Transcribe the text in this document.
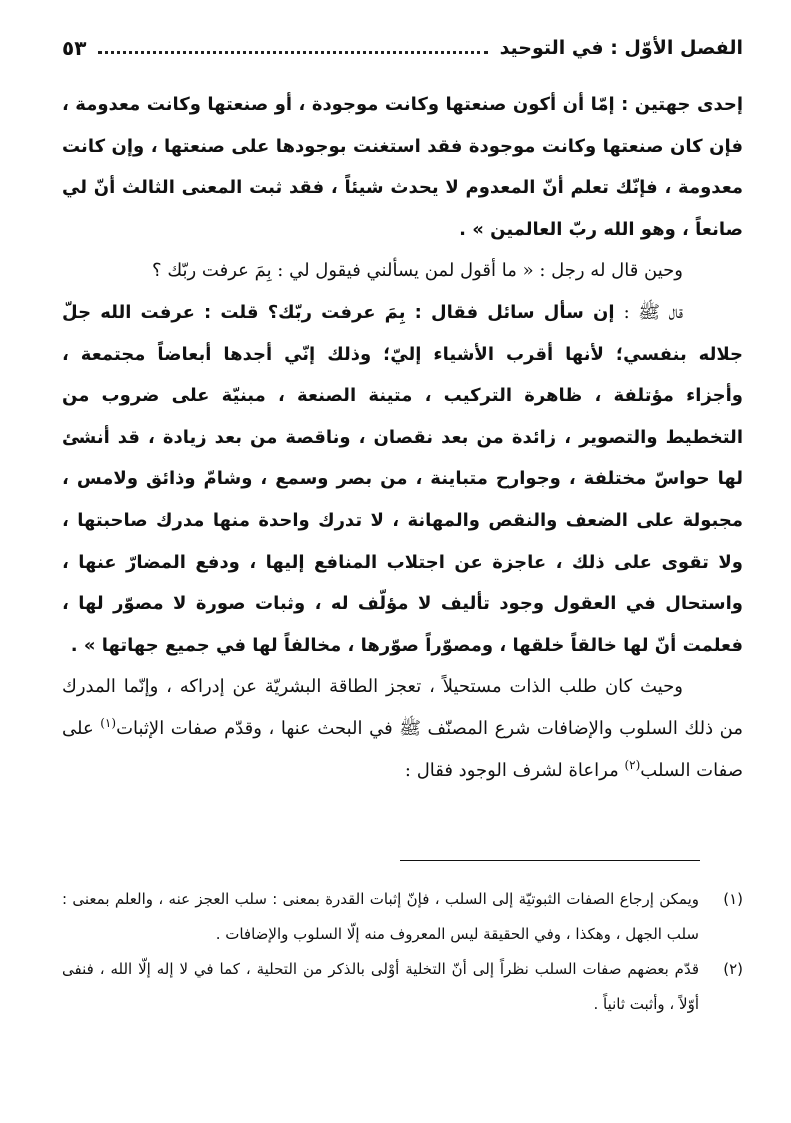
الفصل الأوّل : في التوحيد
٥٣

إحدى جهتين : إمّا أن أكون صنعتها وكانت موجودة ، أو صنعتها وكانت معدومة ، فإن كان صنعتها وكانت موجودة فقد استغنت بوجودها على صنعتها ، وإن كانت معدومة ، فإنّك تعلم أنّ المعدوم لا يحدث شيئاً ، فقد ثبت المعنى الثالث أنّ لي صانعاً ، وهو الله ربّ العالمين » .

وحين قال له رجل : « ما أقول لمن يسألني فيقول لي : بِمَ عرفت ربّك ؟

قال ﷺ : إن سأل سائل فقال : بِمَ عرفت ربّك؟ قلت : عرفت الله جلّ جلاله بنفسي؛ لأنها أقرب الأشياء إليّ؛ وذلك إنّي أجدها أبعاضاً مجتمعة ، وأجزاء مؤتلفة ، ظاهرة التركيب ، متينة الصنعة ، مبنيّة على ضروب من التخطيط والتصوير ، زائدة من بعد نقصان ، وناقصة من بعد زيادة ، قد أنشئ لها حواسّ مختلفة ، وجوارح متباينة ، من بصر وسمع ، وشامّ وذائق ولامس ، مجبولة على الضعف والنقص والمهانة ، لا تدرك واحدة منها مدرك صاحبتها ، ولا تقوى على ذلك ، عاجزة عن اجتلاب المنافع إليها ، ودفع المضارّ عنها ، واستحال في العقول وجود تأليف لا مؤلّف له ، وثبات صورة لا مصوّر لها ، فعلمت أنّ لها خالقاً خلقها ، ومصوّراً صوّرها ، مخالفاً لها في جميع جهاتها » .

وحيث كان طلب الذات مستحيلاً ، تعجز الطاقة البشريّة عن إدراكه ، وإنّما المدرك من ذلك السلوب والإضافات شرع المصنّف ﷺ في البحث عنها ، وقدّم صفات الإثبات$^{(١)}$ على صفات السلب$^{(٢)}$ مراعاة لشرف الوجود فقال :

(١)
ويمكن إرجاع الصفات الثبوتيّة إلى السلب ، فإنّ إثبات القدرة بمعنى : سلب العجز عنه ، والعلم بمعنى : سلب الجهل ، وهكذا ، وفي الحقيقة ليس المعروف منه إلّا السلوب والإضافات .

(٢)
قدّم بعضهم صفات السلب نظراً إلى أنّ التخلية أوْلى بالذكر من التحلية ، كما في لا إله إلّا الله ، فنفى أوّلاً ، وأثبت ثانياً .
